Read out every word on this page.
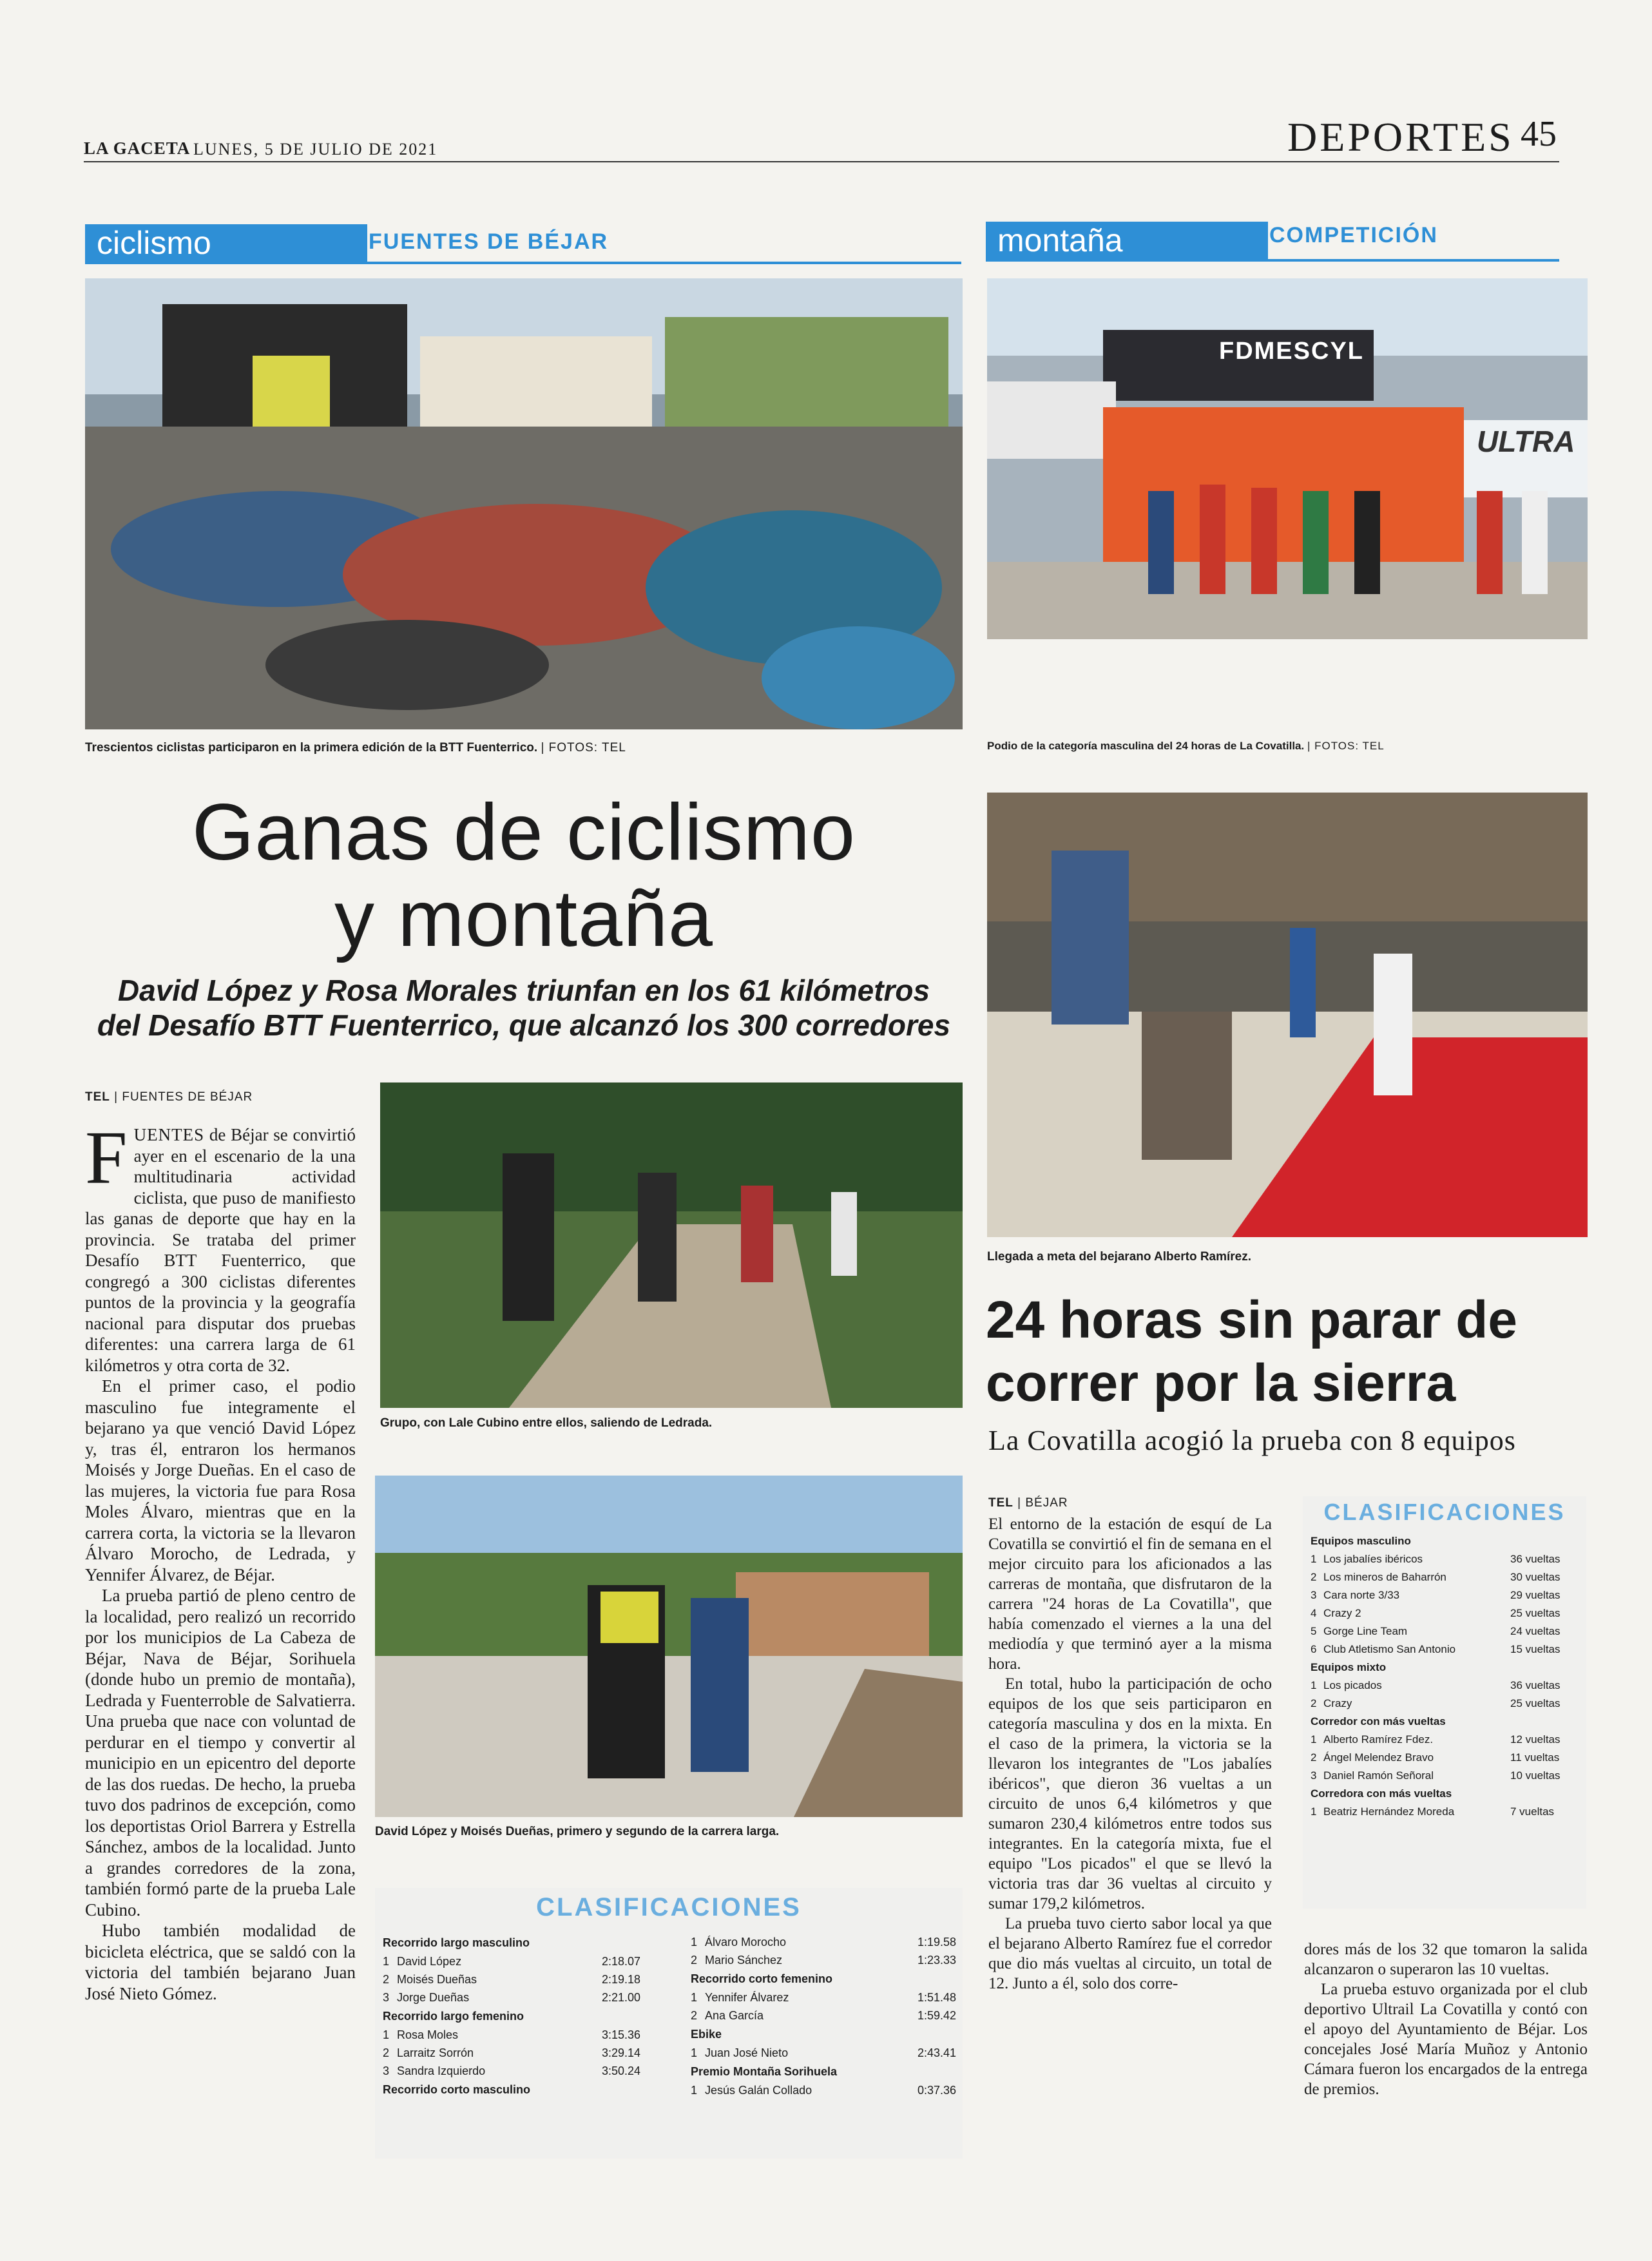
LA GACETA LUNES, 5 DE JULIO DE 2021	DEPORTES 45
ciclismo	FUENTES DE BÉJAR	montaña	COMPETICIÓN
Trescientos ciclistas participaron en la primera edición de la BTT Fuenterrico. | FOTOS: TEL
FDMESCYL
ULTRA
Podio de la categoría masculina del 24 horas de La Covatilla. | FOTOS: TEL
Ganas de ciclismo
y montaña
David López y Rosa Morales triunfan en los 61 kilómetros
del Desafío BTT Fuenterrico, que alcanzó los 300 corredores
Llegada a meta del bejarano Alberto Ramírez.
24 horas sin parar de
correr por la sierra
La Covatilla acogió la prueba con 8 equipos
TEL | FUENTES DE BÉJAR

FUENTES de Béjar se convirtió ayer en el escenario de la una multitudinaria actividad ciclista, que puso de manifiesto las ganas de deporte que hay en la provincia. Se trataba del primer Desafío BTT Fuenterrico, que congregó a 300 ciclistas diferentes puntos de la provincia y la geografía nacional para disputar dos pruebas diferentes: una carrera larga de 61 kilómetros y otra corta de 32.

En el primer caso, el podio masculino fue integramente el bejarano ya que venció David López y, tras él, entraron los hermanos Moisés y Jorge Dueñas. En el caso de las mujeres, la victoria fue para Rosa Moles Álvaro, mientras que en la carrera corta, la victoria se la llevaron Álvaro Morocho, de Ledrada, y Yennifer Álvarez, de Béjar.

La prueba partió de pleno centro de la localidad, pero realizó un recorrido por los municipios de La Cabeza de Béjar, Nava de Béjar, Sorihuela (donde hubo un premio de montaña), Ledrada y Fuenterroble de Salvatierra. Una prueba que nace con voluntad de perdurar en el tiempo y convertir al municipio en un epicentro del deporte de las dos ruedas. De hecho, la prueba tuvo dos padrinos de excepción, como los deportistas Oriol Barrera y Estrella Sánchez, ambos de la localidad. Junto a grandes corredores de la zona, también formó parte de la prueba Lale Cubino.

Hubo también modalidad de bicicleta eléctrica, que se saldó con la victoria del también bejarano Juan José Nieto Gómez.

Grupo, con Lale Cubino entre ellos, saliendo de Ledrada.
David López y Moisés Dueñas, primero y segundo de la carrera larga.
CLASIFICACIONES
Recorrido largo masculino
1 David López	2:18.07
2 Moisés Dueñas	2:19.18
3 Jorge Dueñas	2:21.00
Recorrido largo femenino
1 Rosa Moles	3:15.36
2 Larraitz Sorrón	3:29.14
3 Sandra Izquierdo	3:50.24
Recorrido corto masculino
1 Álvaro Morocho	1:19.58
2 Mario Sánchez	1:23.33
Recorrido corto femenino
1 Yennifer Álvarez	1:51.48
2 Ana García	1:59.42
Ebike
1 Juan José Nieto	2:43.41
Premio Montaña Sorihuela
1 Jesús Galán Collado	0:37.36
TEL | BÉJAR

El entorno de la estación de esquí de La Covatilla se convirtió el fin de semana en el mejor circuito para los aficionados a las carreras de montaña, que disfrutaron de la carrera "24 horas de La Covatilla", que había comenzado el viernes a la una del mediodía y que terminó ayer a la misma hora.

En total, hubo la participación de ocho equipos de los que seis participaron en categoría masculina y dos en la mixta. En el caso de la primera, la victoria se la llevaron los integrantes de "Los jabalíes ibéricos", que dieron 36 vueltas a un circuito de unos 6,4 kilómetros y que sumaron 230,4 kilómetros entre todos sus integrantes. En la categoría mixta, fue el equipo "Los picados" el que se llevó la victoria tras dar 36 vueltas al circuito y sumar 179,2 kilómetros.

La prueba tuvo cierto sabor local ya que el bejarano Alberto Ramírez fue el corredor que dio más vueltas al circuito, un total de 12. Junto a él, solo dos corre-

CLASIFICACIONES
Equipos masculino
1 Los jabalíes ibéricos	36 vueltas
2 Los mineros de Baharrón	30 vueltas
3 Cara norte 3/33	29 vueltas
4 Crazy 2	25 vueltas
5 Gorge Line Team	24 vueltas
6 Club Atletismo San Antonio	15 vueltas
Equipos mixto
1 Los picados	36 vueltas
2 Crazy	25 vueltas
Corredor con más vueltas
1 Alberto Ramírez Fdez.	12 vueltas
2 Ángel Melendez Bravo	11 vueltas
3 Daniel Ramón Señoral	10 vueltas
Corredora con más vueltas
1 Beatriz Hernández Moreda	7 vueltas

dores más de los 32 que tomaron la salida alcanzaron o superaron las 10 vueltas.

La prueba estuvo organizada por el club deportivo Ultrail La Covatilla y contó con el apoyo del Ayuntamiento de Béjar. Los concejales José María Muñoz y Antonio Cámara fueron los encargados de la entrega de premios.
